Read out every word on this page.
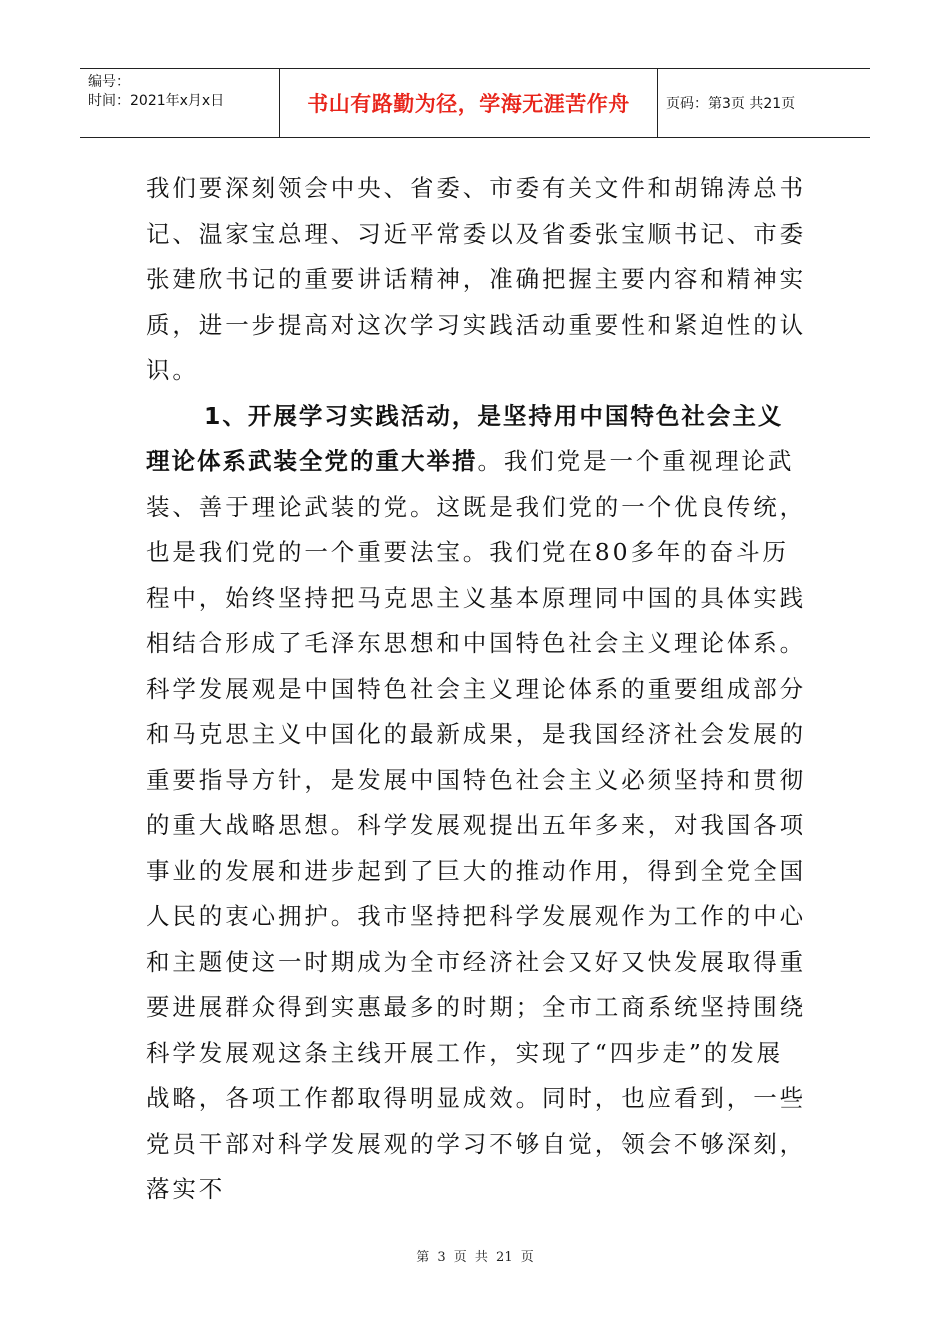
编号：
时间：2021年x月x日	书山有路勤为径，学海无涯苦作舟	页码：第3页 共21页

我们要深刻领会中央、省委、市委有关文件和胡锦涛总书记、温家宝总理、习近平常委以及省委张宝顺书记、市委张建欣书记的重要讲话精神，准确把握主要内容和精神实质，进一步提高对这次学习实践活动重要性和紧迫性的认识。

1、开展学习实践活动，是坚持用中国特色社会主义理论体系武装全党的重大举措。我们党是一个重视理论武装、善于理论武装的党。这既是我们党的一个优良传统，也是我们党的一个重要法宝。我们党在80多年的奋斗历程中，始终坚持把马克思主义基本原理同中国的具体实践相结合形成了毛泽东思想和中国特色社会主义理论体系。科学发展观是中国特色社会主义理论体系的重要组成部分和马克思主义中国化的最新成果，是我国经济社会发展的重要指导方针，是发展中国特色社会主义必须坚持和贯彻的重大战略思想。科学发展观提出五年多来，对我国各项事业的发展和进步起到了巨大的推动作用，得到全党全国人民的衷心拥护。我市坚持把科学发展观作为工作的中心和主题使这一时期成为全市经济社会又好又快发展取得重要进展群众得到实惠最多的时期；全市工商系统坚持围绕科学发展观这条主线开展工作，实现了“四步走”的发展战略，各项工作都取得明显成效。同时，也应看到，一些党员干部对科学发展观的学习不够自觉，领会不够深刻，落实不

第 3 页 共 21 页
